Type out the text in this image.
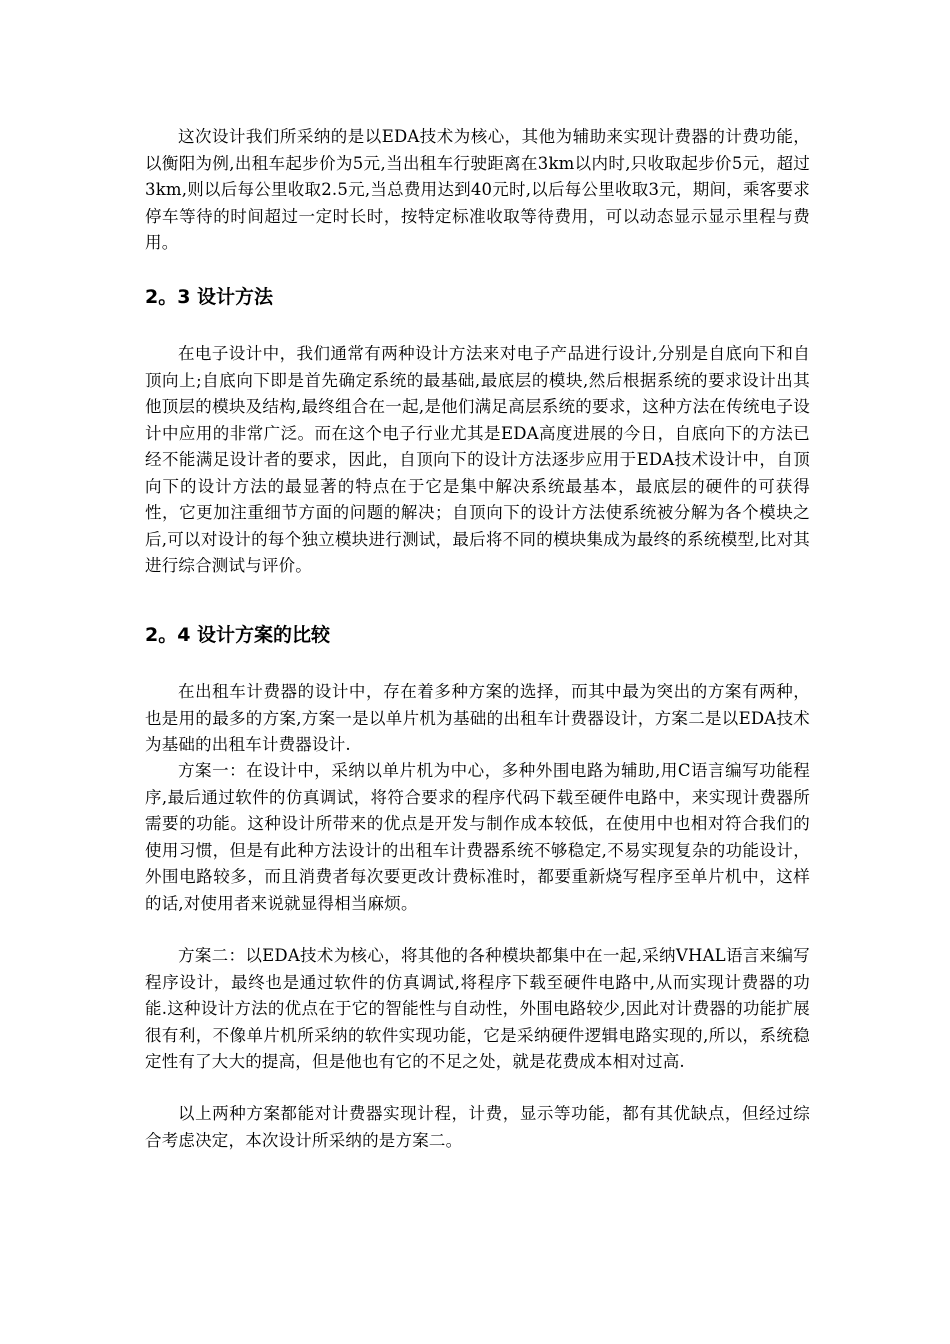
这次设计我们所采纳的是以EDA技术为核心，其他为辅助来实现计费器的计费功能，以衡阳为例,出租车起步价为5元,当出租车行驶距离在3km以内时,只收取起步价5元，超过3km,则以后每公里收取2.5元,当总费用达到40元时,以后每公里收取3元，期间，乘客要求停车等待的时间超过一定时长时，按特定标准收取等待费用，可以动态显示显示里程与费用。

2。3 设计方法

在电子设计中，我们通常有两种设计方法来对电子产品进行设计,分别是自底向下和自顶向上;自底向下即是首先确定系统的最基础,最底层的模块,然后根据系统的要求设计出其他顶层的模块及结构,最终组合在一起,是他们满足高层系统的要求，这种方法在传统电子设计中应用的非常广泛。而在这个电子行业尤其是EDA高度进展的今日，自底向下的方法已经不能满足设计者的要求，因此，自顶向下的设计方法逐步应用于EDA技术设计中，自顶向下的设计方法的最显著的特点在于它是集中解决系统最基本，最底层的硬件的可获得性，它更加注重细节方面的问题的解决；自顶向下的设计方法使系统被分解为各个模块之后,可以对设计的每个独立模块进行测试，最后将不同的模块集成为最终的系统模型,比对其进行综合测试与评价。

2。4 设计方案的比较

在出租车计费器的设计中，存在着多种方案的选择，而其中最为突出的方案有两种，也是用的最多的方案,方案一是以单片机为基础的出租车计费器设计，方案二是以EDA技术为基础的出租车计费器设计.

方案一：在设计中，采纳以单片机为中心，多种外围电路为辅助,用C语言编写功能程序,最后通过软件的仿真调试，将符合要求的程序代码下载至硬件电路中，来实现计费器所需要的功能。这种设计所带来的优点是开发与制作成本较低，在使用中也相对符合我们的使用习惯，但是有此种方法设计的出租车计费器系统不够稳定,不易实现复杂的功能设计，外围电路较多，而且消费者每次要更改计费标准时，都要重新烧写程序至单片机中，这样的话,对使用者来说就显得相当麻烦。

方案二：以EDA技术为核心，将其他的各种模块都集中在一起,采纳VHAL语言来编写程序设计，最终也是通过软件的仿真调试,将程序下载至硬件电路中,从而实现计费器的功能.这种设计方法的优点在于它的智能性与自动性，外围电路较少,因此对计费器的功能扩展很有利，不像单片机所采纳的软件实现功能，它是采纳硬件逻辑电路实现的,所以，系统稳定性有了大大的提高，但是他也有它的不足之处，就是花费成本相对过高.

以上两种方案都能对计费器实现计程，计费，显示等功能，都有其优缺点，但经过综合考虑决定，本次设计所采纳的是方案二。
